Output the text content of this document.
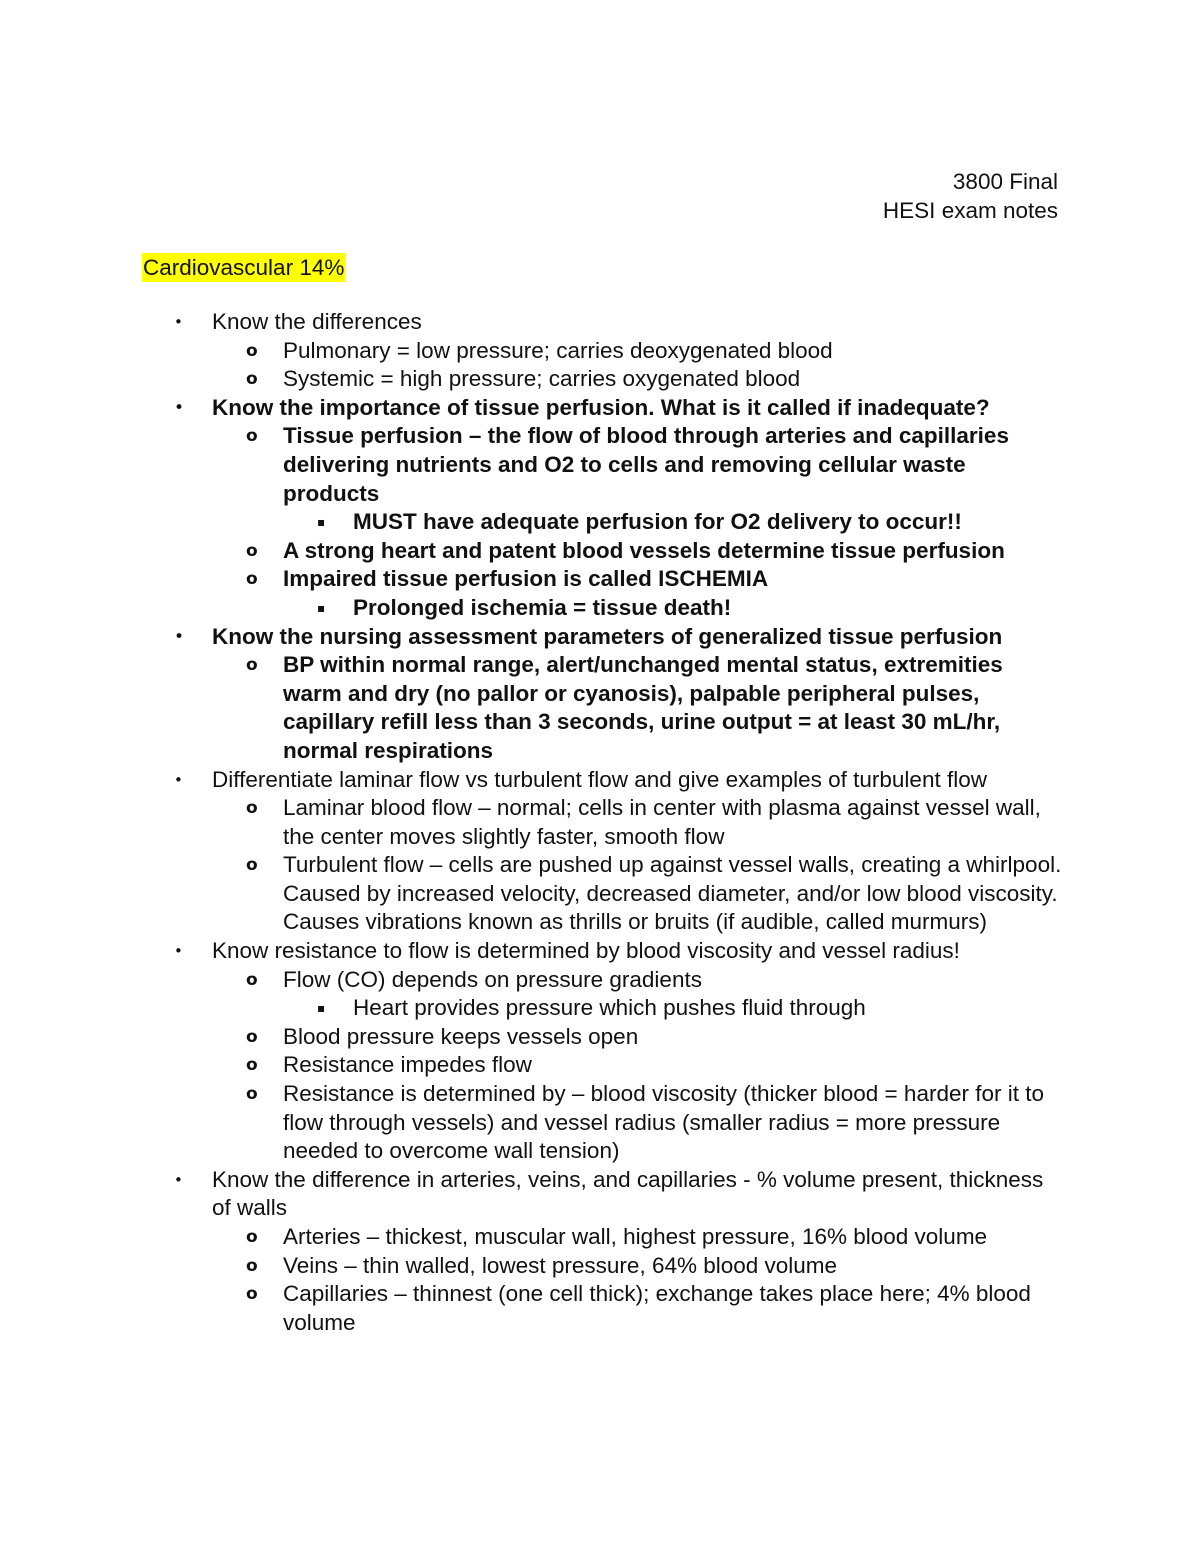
3800 Final
HESI exam notes
Cardiovascular 14%
• Know the differences
o Pulmonary = low pressure; carries deoxygenated blood
o Systemic = high pressure; carries oxygenated blood
• Know the importance of tissue perfusion. What is it called if inadequate?
o Tissue perfusion – the flow of blood through arteries and capillaries delivering nutrients and O2 to cells and removing cellular waste products
▪ MUST have adequate perfusion for O2 delivery to occur!!
o A strong heart and patent blood vessels determine tissue perfusion
o Impaired tissue perfusion is called ISCHEMIA
▪ Prolonged ischemia = tissue death!
• Know the nursing assessment parameters of generalized tissue perfusion
o BP within normal range, alert/unchanged mental status, extremities warm and dry (no pallor or cyanosis), palpable peripheral pulses, capillary refill less than 3 seconds, urine output = at least 30 mL/hr, normal respirations
• Differentiate laminar flow vs turbulent flow and give examples of turbulent flow
o Laminar blood flow – normal; cells in center with plasma against vessel wall, the center moves slightly faster, smooth flow
o Turbulent flow – cells are pushed up against vessel walls, creating a whirlpool. Caused by increased velocity, decreased diameter, and/or low blood viscosity. Causes vibrations known as thrills or bruits (if audible, called murmurs)
• Know resistance to flow is determined by blood viscosity and vessel radius!
o Flow (CO) depends on pressure gradients
▪ Heart provides pressure which pushes fluid through
o Blood pressure keeps vessels open
o Resistance impedes flow
o Resistance is determined by – blood viscosity (thicker blood = harder for it to flow through vessels) and vessel radius (smaller radius = more pressure needed to overcome wall tension)
• Know the difference in arteries, veins, and capillaries - % volume present, thickness of walls
o Arteries – thickest, muscular wall, highest pressure, 16% blood volume
o Veins – thin walled, lowest pressure, 64% blood volume
o Capillaries – thinnest (one cell thick); exchange takes place here; 4% blood volume
